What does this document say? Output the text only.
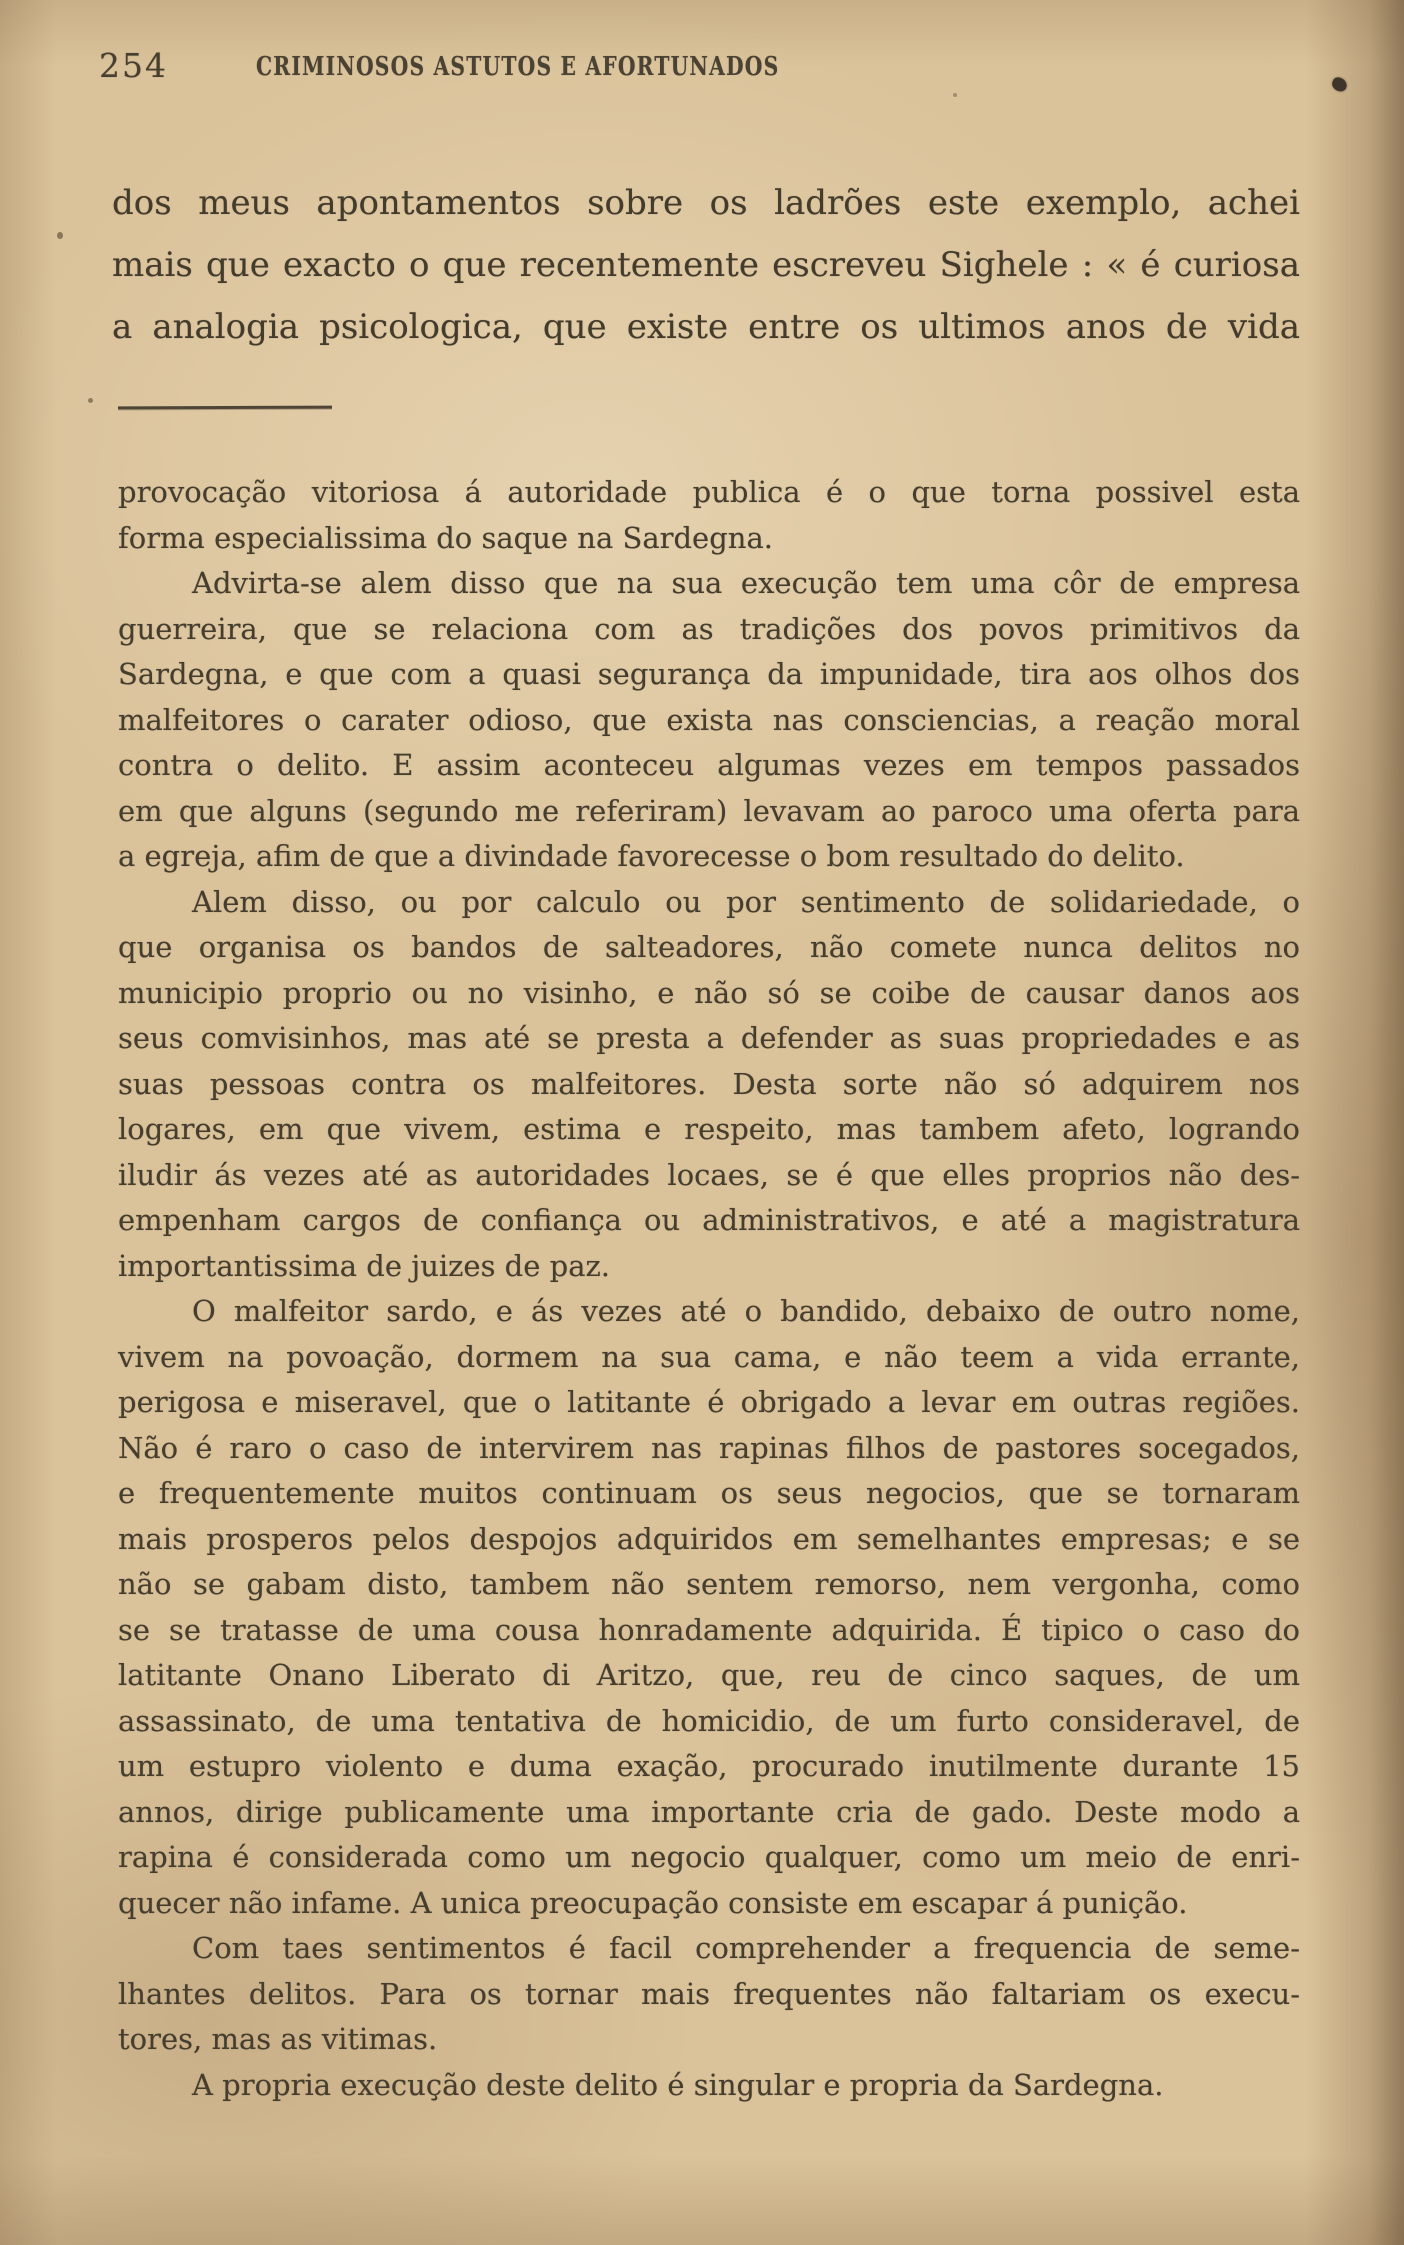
254	CRIMINOSOS ASTUTOS E AFORTUNADOS
dos meus apontamentos sobre os ladrões este exemplo, achei
mais que exacto o que recentemente escreveu Sighele : « é curiosa
a analogia psicologica, que existe entre os ultimos anos de vida
provocação vitoriosa á autoridade publica é o que torna possivel esta
forma especialissima do saque na Sardegna.
Advirta-se alem disso que na sua execução tem uma côr de empresa
guerreira, que se relaciona com as tradições dos povos primitivos da
Sardegna, e que com a quasi segurança da impunidade, tira aos olhos dos
malfeitores o carater odioso, que exista nas consciencias, a reação moral
contra o delito. E assim aconteceu algumas vezes em tempos passados
em que alguns (segundo me referiram) levavam ao paroco uma oferta para
a egreja, afim de que a divindade favorecesse o bom resultado do delito.
Alem disso, ou por calculo ou por sentimento de solidariedade, o
que organisa os bandos de salteadores, não comete nunca delitos no
municipio proprio ou no visinho, e não só se coibe de causar danos aos
seus comvisinhos, mas até se presta a defender as suas propriedades e as
suas pessoas contra os malfeitores. Desta sorte não só adquirem nos
logares, em que vivem, estima e respeito, mas tambem afeto, logrando
iludir ás vezes até as autoridades locaes, se é que elles proprios não des-
empenham cargos de confiança ou administrativos, e até a magistratura
importantissima de juizes de paz.
O malfeitor sardo, e ás vezes até o bandido, debaixo de outro nome,
vivem na povoação, dormem na sua cama, e não teem a vida errante,
perigosa e miseravel, que o latitante é obrigado a levar em outras regiões.
Não é raro o caso de intervirem nas rapinas filhos de pastores socegados,
e frequentemente muitos continuam os seus negocios, que se tornaram
mais prosperos pelos despojos adquiridos em semelhantes empresas; e se
não se gabam disto, tambem não sentem remorso, nem vergonha, como
se se tratasse de uma cousa honradamente adquirida. É tipico o caso do
latitante Onano Liberato di Aritzo, que, reu de cinco saques, de um
assassinato, de uma tentativa de homicidio, de um furto consideravel, de
um estupro violento e duma exação, procurado inutilmente durante 15
annos, dirige publicamente uma importante cria de gado. Deste modo a
rapina é considerada como um negocio qualquer, como um meio de enri-
quecer não infame. A unica preocupação consiste em escapar á punição.
Com taes sentimentos é facil comprehender a frequencia de seme-
lhantes delitos. Para os tornar mais frequentes não faltariam os execu-
tores, mas as vitimas.
A propria execução deste delito é singular e propria da Sardegna.
